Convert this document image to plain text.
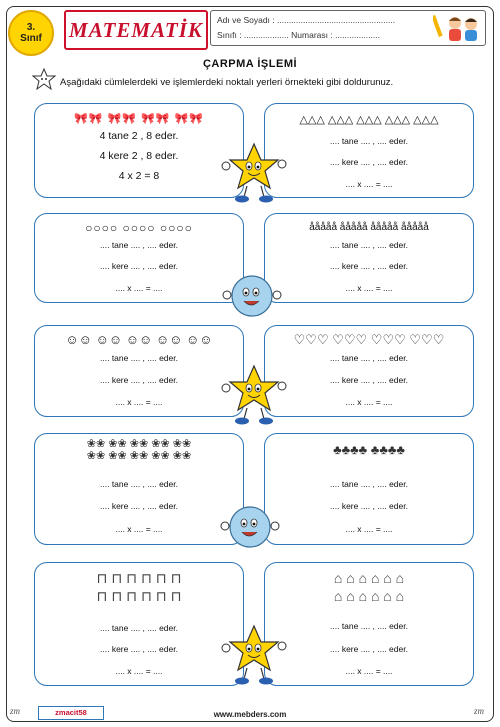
3.
Sınıf MATEMATİK	Adı ve Soyadı : ..................................................
Sınıfı : ................... Numarası : ...................
ÇARPMA İŞLEMİ
Aşağıdaki cümlelerdeki ve işlemlerdeki noktalı yerleri örnekteki gibi doldurunuz.
🎀🎀 🎀🎀 🎀🎀 🎀🎀
4 tane 2 , 8 eder.
4 kere 2 , 8 eder.
4 x 2 = 8
△△△ △△△ △△△ △△△ △△△
.... tane .... , .... eder.
.... kere .... , .... eder.
.... x .... = ....
○○○○ ○○○○ ○○○○
.... tane .... , .... eder.
.... kere .... , .... eder.
.... x .... = ....
ååååå ååååå ååååå ååååå
.... tane .... , .... eder.
.... kere .... , .... eder.
.... x .... = ....
☺☺ ☺☺ ☺☺ ☺☺ ☺☺
.... tane .... , .... eder.
.... kere .... , .... eder.
.... x .... = ....
♡♡♡ ♡♡♡ ♡♡♡ ♡♡♡
.... tane .... , .... eder.
.... kere .... , .... eder.
.... x .... = ....
❀❀ ❀❀ ❀❀ ❀❀ ❀❀
❀❀ ❀❀ ❀❀ ❀❀ ❀❀
.... tane .... , .... eder.
.... kere .... , .... eder.
.... x .... = ....
♣♣♣♣ ♣♣♣♣
.... tane .... , .... eder.
.... kere .... , .... eder.
.... x .... = ....
⊓ ⊓ ⊓ ⊓ ⊓ ⊓
⊓ ⊓ ⊓ ⊓ ⊓ ⊓
.... tane .... , .... eder.
.... kere .... , .... eder.
.... x .... = ....
⌂ ⌂ ⌂ ⌂ ⌂ ⌂
⌂ ⌂ ⌂ ⌂ ⌂ ⌂
.... tane .... , .... eder.
.... kere .... , .... eder.
.... x .... = ....
zm	zmacit58	www.mebders.com	zm
